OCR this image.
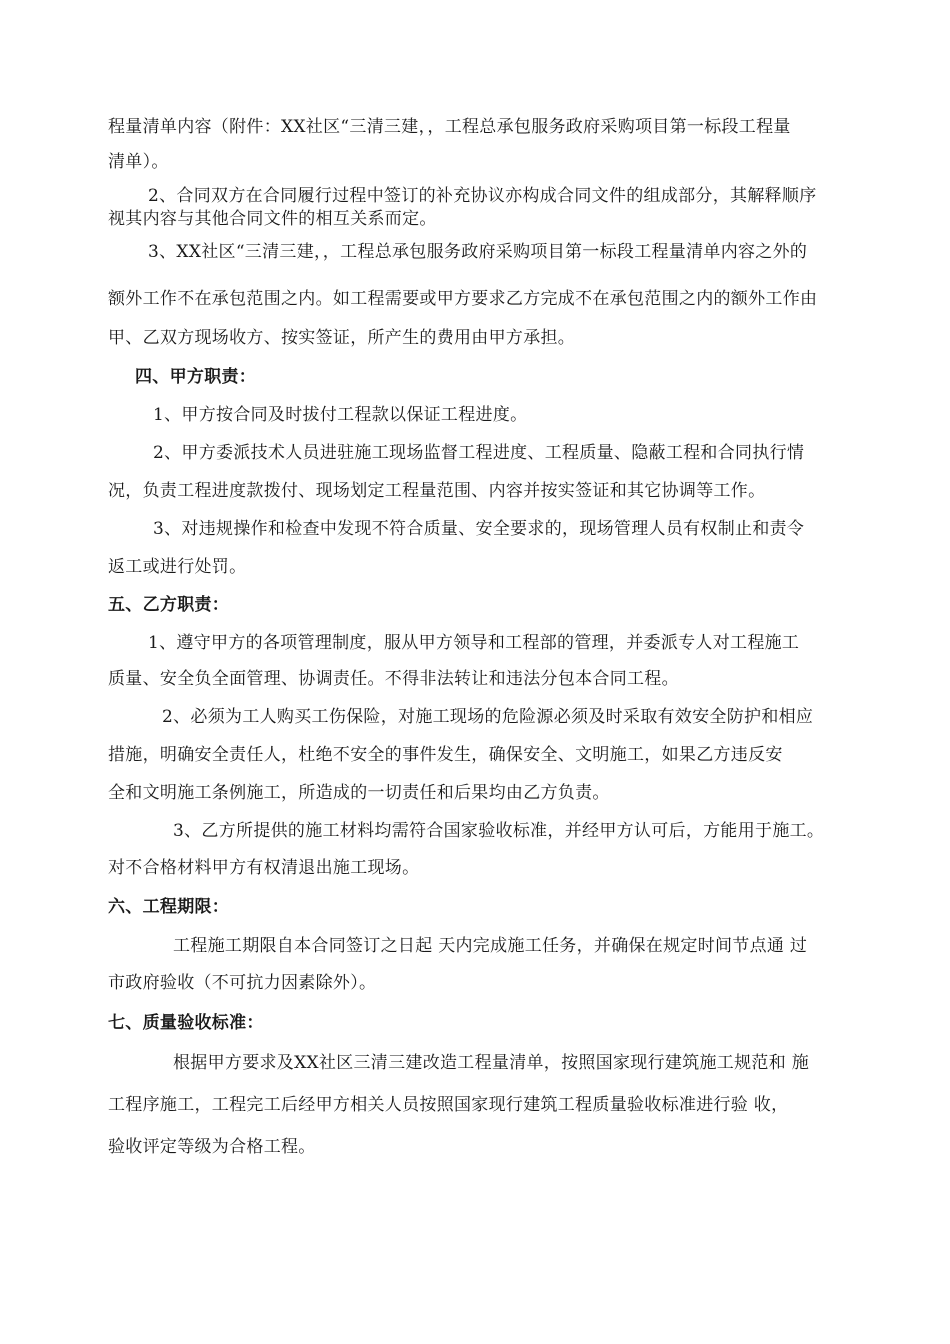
程量清单内容（附件：XX社区“三清三建，，工程总承包服务政府采购项目第一标段工程量
清单）。
2、合同双方在合同履行过程中签订的补充协议亦构成合同文件的组成部分，其解释顺序
视其内容与其他合同文件的相互关系而定。
3、XX社区“三清三建，，工程总承包服务政府采购项目第一标段工程量清单内容之外的
额外工作不在承包范围之内。如工程需要或甲方要求乙方完成不在承包范围之内的额外工作由
甲、乙双方现场收方、按实签证，所产生的费用由甲方承担。
四、甲方职责：
1、甲方按合同及时拔付工程款以保证工程进度。
2、甲方委派技术人员进驻施工现场监督工程进度、工程质量、隐蔽工程和合同执行情
况，负责工程进度款拨付、现场划定工程量范围、内容并按实签证和其它协调等工作。
3、对违规操作和检查中发现不符合质量、安全要求的，现场管理人员有权制止和责令
返工或进行处罚。
五、乙方职责：
1、遵守甲方的各项管理制度，服从甲方领导和工程部的管理，并委派专人对工程施工
质量、安全负全面管理、协调责任。不得非法转让和违法分包本合同工程。
2、必须为工人购买工伤保险，对施工现场的危险源必须及时采取有效安全防护和相应
措施，明确安全责任人，杜绝不安全的事件发生，确保安全、文明施工，如果乙方违反安
全和文明施工条例施工，所造成的一切责任和后果均由乙方负责。
3、乙方所提供的施工材料均需符合国家验收标准，并经甲方认可后，方能用于施工。
对不合格材料甲方有权清退出施工现场。
六、工程期限：
工程施工期限自本合同签订之日起 天内完成施工任务，并确保在规定时间节点通 过
市政府验收（不可抗力因素除外）。
七、质量验收标准：
根据甲方要求及XX社区三清三建改造工程量清单，按照国家现行建筑施工规范和 施
工程序施工，工程完工后经甲方相关人员按照国家现行建筑工程质量验收标准进行验 收，
验收评定等级为合格工程。
